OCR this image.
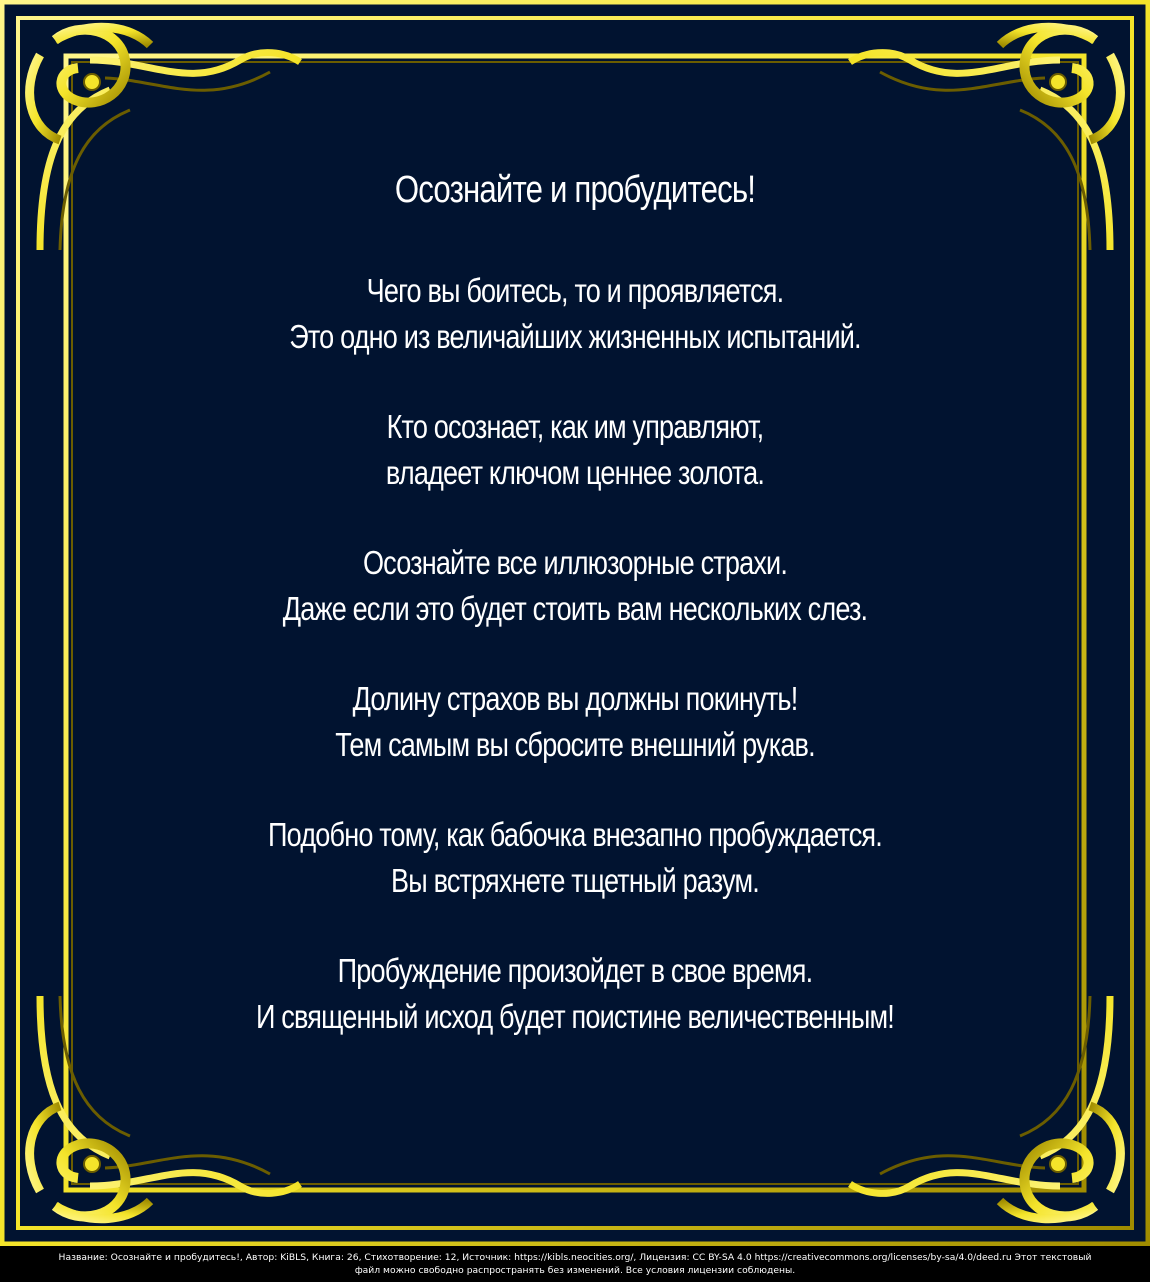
Осознайте и пробудитесь!
Чего вы боитесь, то и проявляется.
Это одно из величайших жизненных испытаний.
Кто осознает, как им управляют,
владеет ключом ценнее золота.
Осознайте все иллюзорные страхи.
Даже если это будет стоить вам нескольких слез.
Долину страхов вы должны покинуть!
Тем самым вы сбросите внешний рукав.
Подобно тому, как бабочка внезапно пробуждается.
Вы встряхнете тщетный разум.
Пробуждение произойдет в свое время.
И священный исход будет поистине величественным!
Название: Осознайте и пробудитесь!, Автор: KiBLS, Книга: 26, Стихотворение: 12, Источник: https://kibls.neocities.org/, Лицензия: CC BY-SA 4.0 https://creativecommons.org/licenses/by-sa/4.0/deed.ru Этот текстовый
файл можно свободно распространять без изменений. Все условия лицензии соблюдены.
